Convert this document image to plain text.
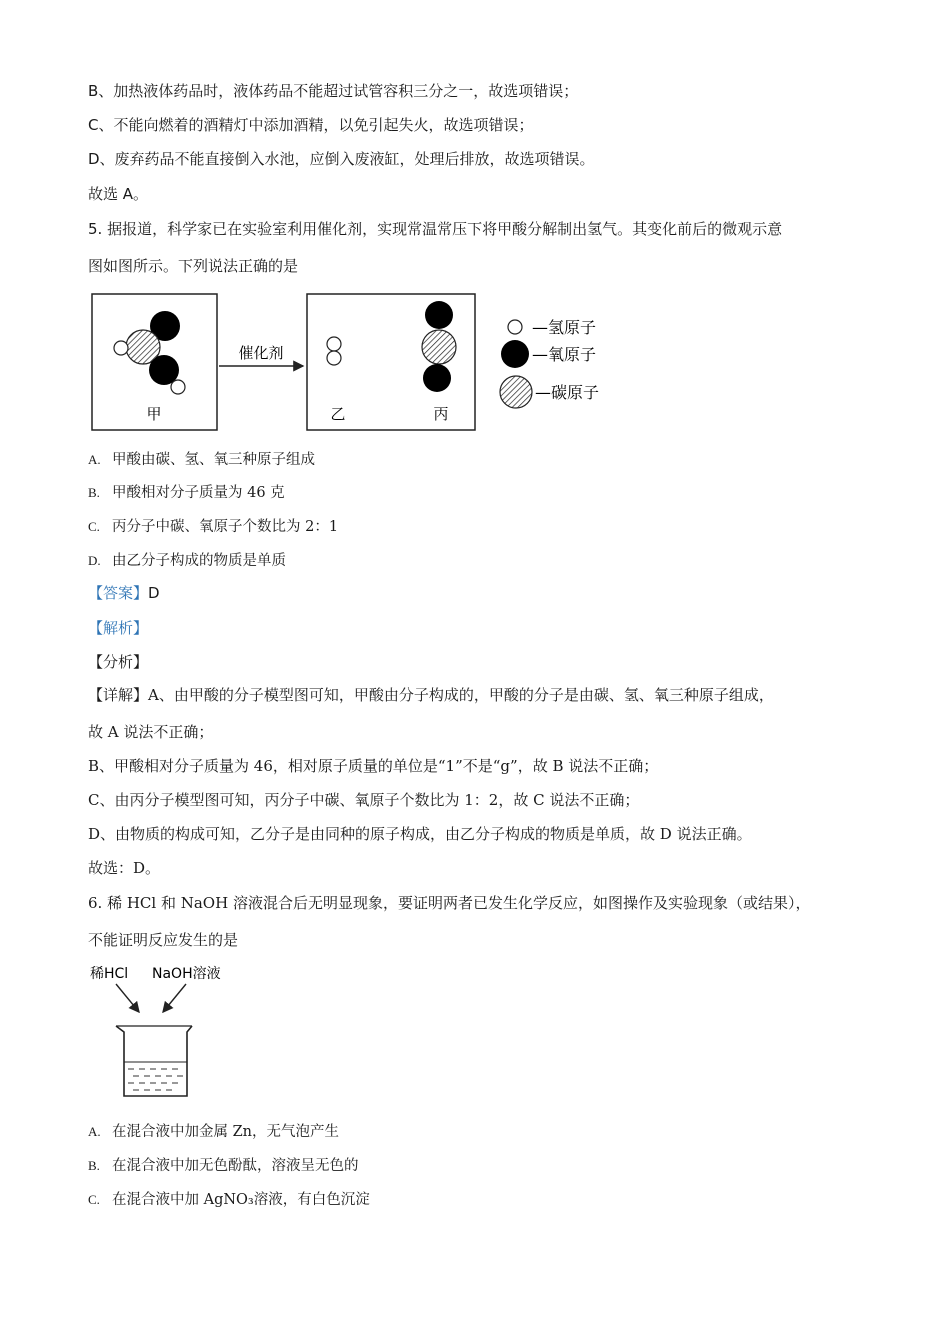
B、加热液体药品时，液体药品不能超过试管容积三分之一，故选项错误；
C、不能向燃着的酒精灯中添加酒精，以免引起失火，故选项错误；
D、废弃药品不能直接倒入水池，应倒入废液缸，处理后排放，故选项错误。
故选 A。
5. 据报道，科学家已在实验室利用催化剂，实现常温常压下将甲酸分解制出氢气。其变化前后的微观示意
图如图所示。下列说法正确的是
甲
催化剂
乙	丙
—氢原子
—氧原子
—碳原子
A. 甲酸由碳、氢、氧三种原子组成
B. 甲酸相对分子质量为 46 克
C. 丙分子中碳、氧原子个数比为 2：1
D. 由乙分子构成的物质是单质
【答案】D
【解析】
【分析】
【详解】A、由甲酸的分子模型图可知，甲酸由分子构成的，甲酸的分子是由碳、氢、氧三种原子组成，
故 A 说法不正确；
B、甲酸相对分子质量为 46，相对原子质量的单位是“1”不是“g”，故 B 说法不正确；
C、由丙分子模型图可知，丙分子中碳、氧原子个数比为 1：2，故 C 说法不正确；
D、由物质的构成可知，乙分子是由同种的原子构成，由乙分子构成的物质是单质，故 D 说法正确。
故选：D。
6. 稀 HCl 和 NaOH 溶液混合后无明显现象，要证明两者已发生化学反应，如图操作及实验现象（或结果），
不能证明反应发生的是
稀HCl NaOH溶液
A. 在混合液中加金属 Zn，无气泡产生
B. 在混合液中加无色酚酞，溶液呈无色的
C. 在混合液中加 AgNO₃溶液，有白色沉淀
